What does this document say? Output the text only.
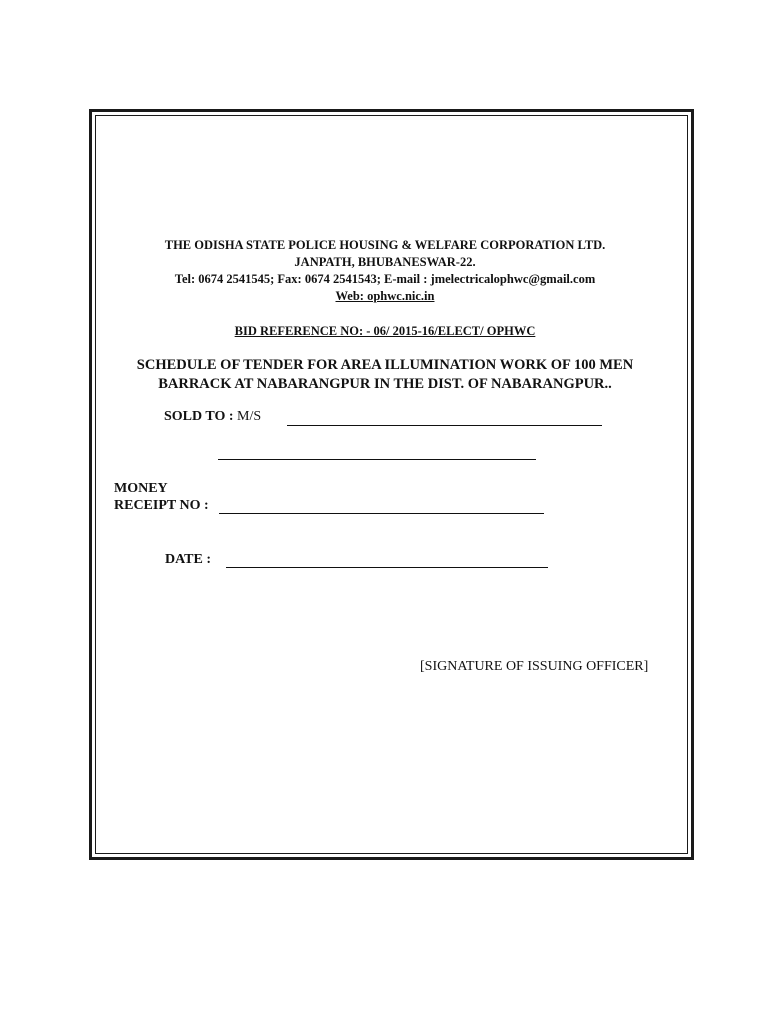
THE ODISHA STATE POLICE HOUSING & WELFARE CORPORATION LTD.
JANPATH, BHUBANESWAR-22.
Tel: 0674 2541545; Fax: 0674 2541543; E-mail : jmelectricalophwc@gmail.com
Web: ophwc.nic.in
BID REFERENCE NO: - 06/ 2015-16/ELECT/ OPHWC
SCHEDULE OF TENDER FOR AREA ILLUMINATION WORK OF 100 MEN
BARRACK AT NABARANGPUR IN THE DIST. OF NABARANGPUR..
SOLD TO : M/S
MONEY
RECEIPT NO :
DATE :
[SIGNATURE OF ISSUING OFFICER]
